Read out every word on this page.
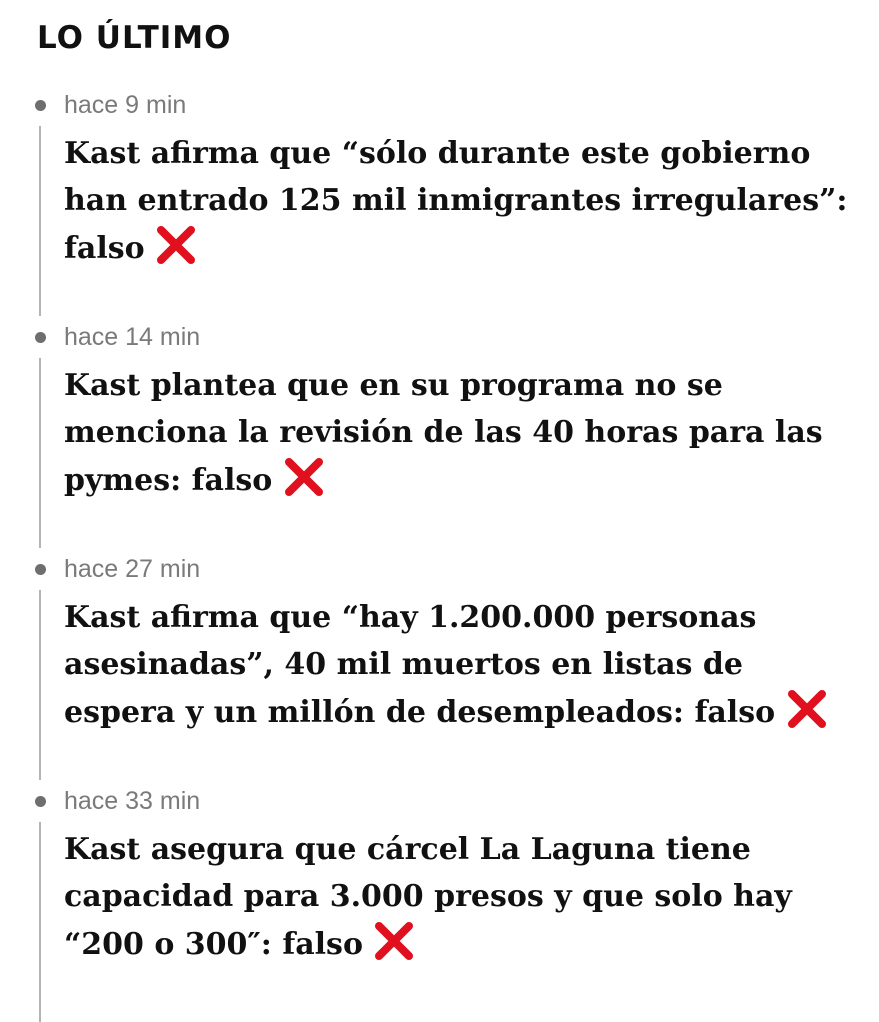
LO ÚLTIMO
hace 9 min

Kast afirma que “sólo durante este gobierno han entrado 125 mil inmigrantes irregulares”: falso

hace 14 min

Kast plantea que en su programa no se menciona la revisión de las 40 horas para las pymes: falso

hace 27 min

Kast afirma que “hay 1.200.000 personas asesinadas”, 40 mil muertos en listas de espera y un millón de desempleados: falso

hace 33 min

Kast asegura que cárcel La Laguna tiene capacidad para 3.000 presos y que solo hay “200 o 300″: falso
